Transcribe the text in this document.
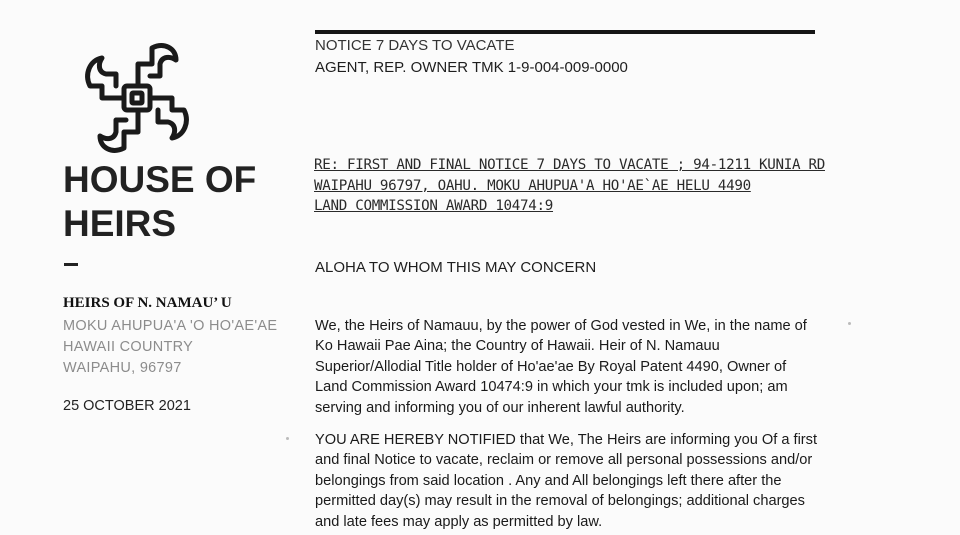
HOUSE OF
HEIRS
HEIRS OF N. NAMAU’ U
MOKU AHUPUA'A 'O HO'AE'AE
HAWAII COUNTRY
WAIPAHU, 96797
25 OCTOBER 2021
NOTICE 7 DAYS TO VACATE
AGENT, REP. OWNER TMK 1-9-004-009-0000
RE: FIRST AND FINAL NOTICE 7 DAYS TO VACATE ; 94-1211 KUNIA RD
WAIPAHU 96797, OAHU. MOKU AHUPUA'A HO'AE`AE HELU 4490
LAND COMMISSION AWARD 10474:9
ALOHA TO WHOM THIS MAY CONCERN
We, the Heirs of Namauu, by the power of God vested in We, in the name of
Ko Hawaii Pae Aina; the Country of Hawaii. Heir of N. Namauu
Superior/Allodial Title holder of Ho'ae'ae By Royal Patent 4490, Owner of
Land Commission Award 10474:9 in which your tmk is included upon; am
serving and informing you of our inherent lawful authority.
YOU ARE HEREBY NOTIFIED that We, The Heirs are informing you Of a first
and final Notice to vacate, reclaim or remove all personal possessions and/or
belongings from said location . Any and All belongings left there after the
permitted day(s) may result in the removal of belongings; additional charges
and late fees may apply as permitted by law.
